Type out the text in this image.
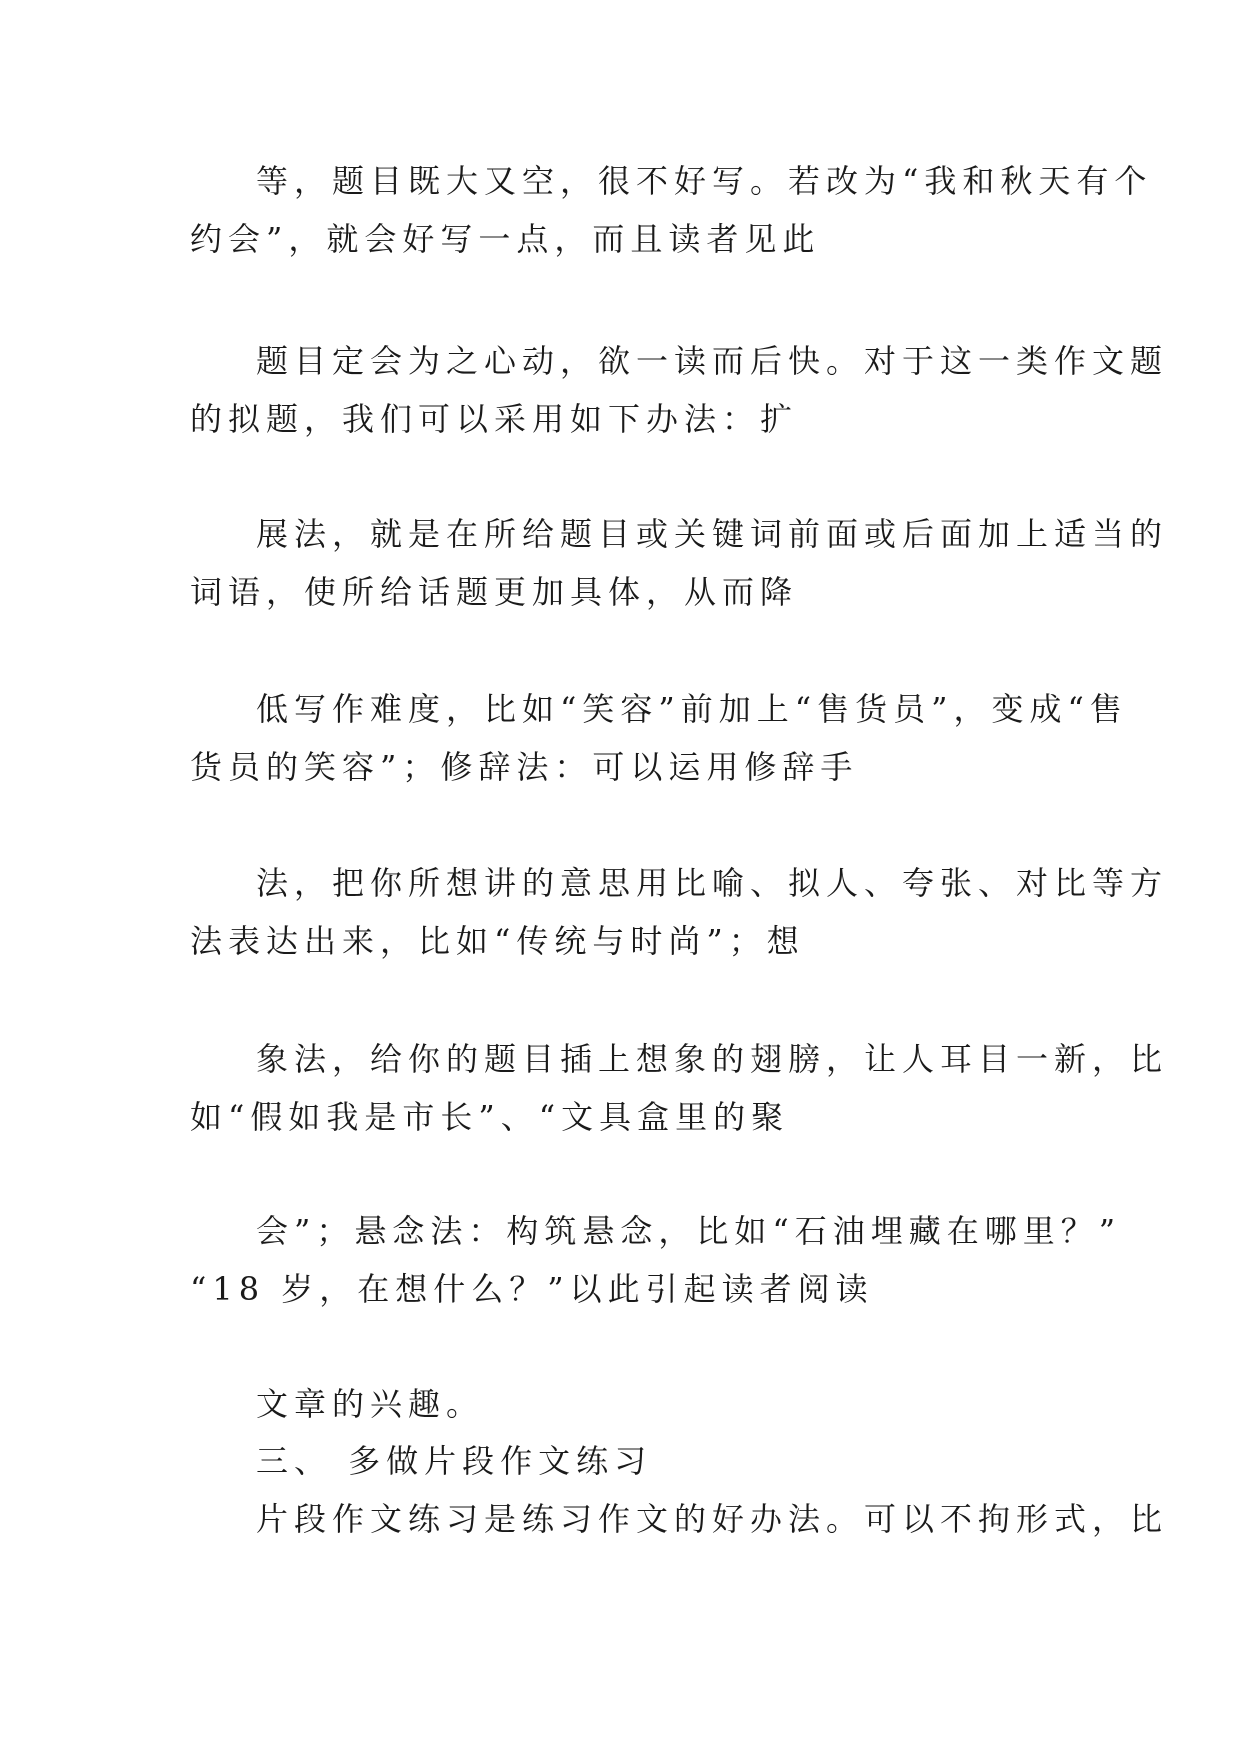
等，题目既大又空，很不好写。若改为“我和秋天有个
约会”，就会好写一点，而且读者见此

题目定会为之心动，欲一读而后快。对于这一类作文题
的拟题，我们可以采用如下办法：扩

展法，就是在所给题目或关键词前面或后面加上适当的
词语，使所给话题更加具体，从而降

低写作难度，比如“笑容”前加上“售货员”，变成“售
货员的笑容”；修辞法：可以运用修辞手

法，把你所想讲的意思用比喻、拟人、夸张、对比等方
法表达出来，比如“传统与时尚”；想

象法，给你的题目插上想象的翅膀，让人耳目一新，比
如“假如我是市长”、“文具盒里的聚

会”；悬念法：构筑悬念，比如“石油埋藏在哪里？”
“18 岁，在想什么？”以此引起读者阅读

文章的兴趣。

三、 多做片段作文练习

片段作文练习是练习作文的好办法。可以不拘形式，比
